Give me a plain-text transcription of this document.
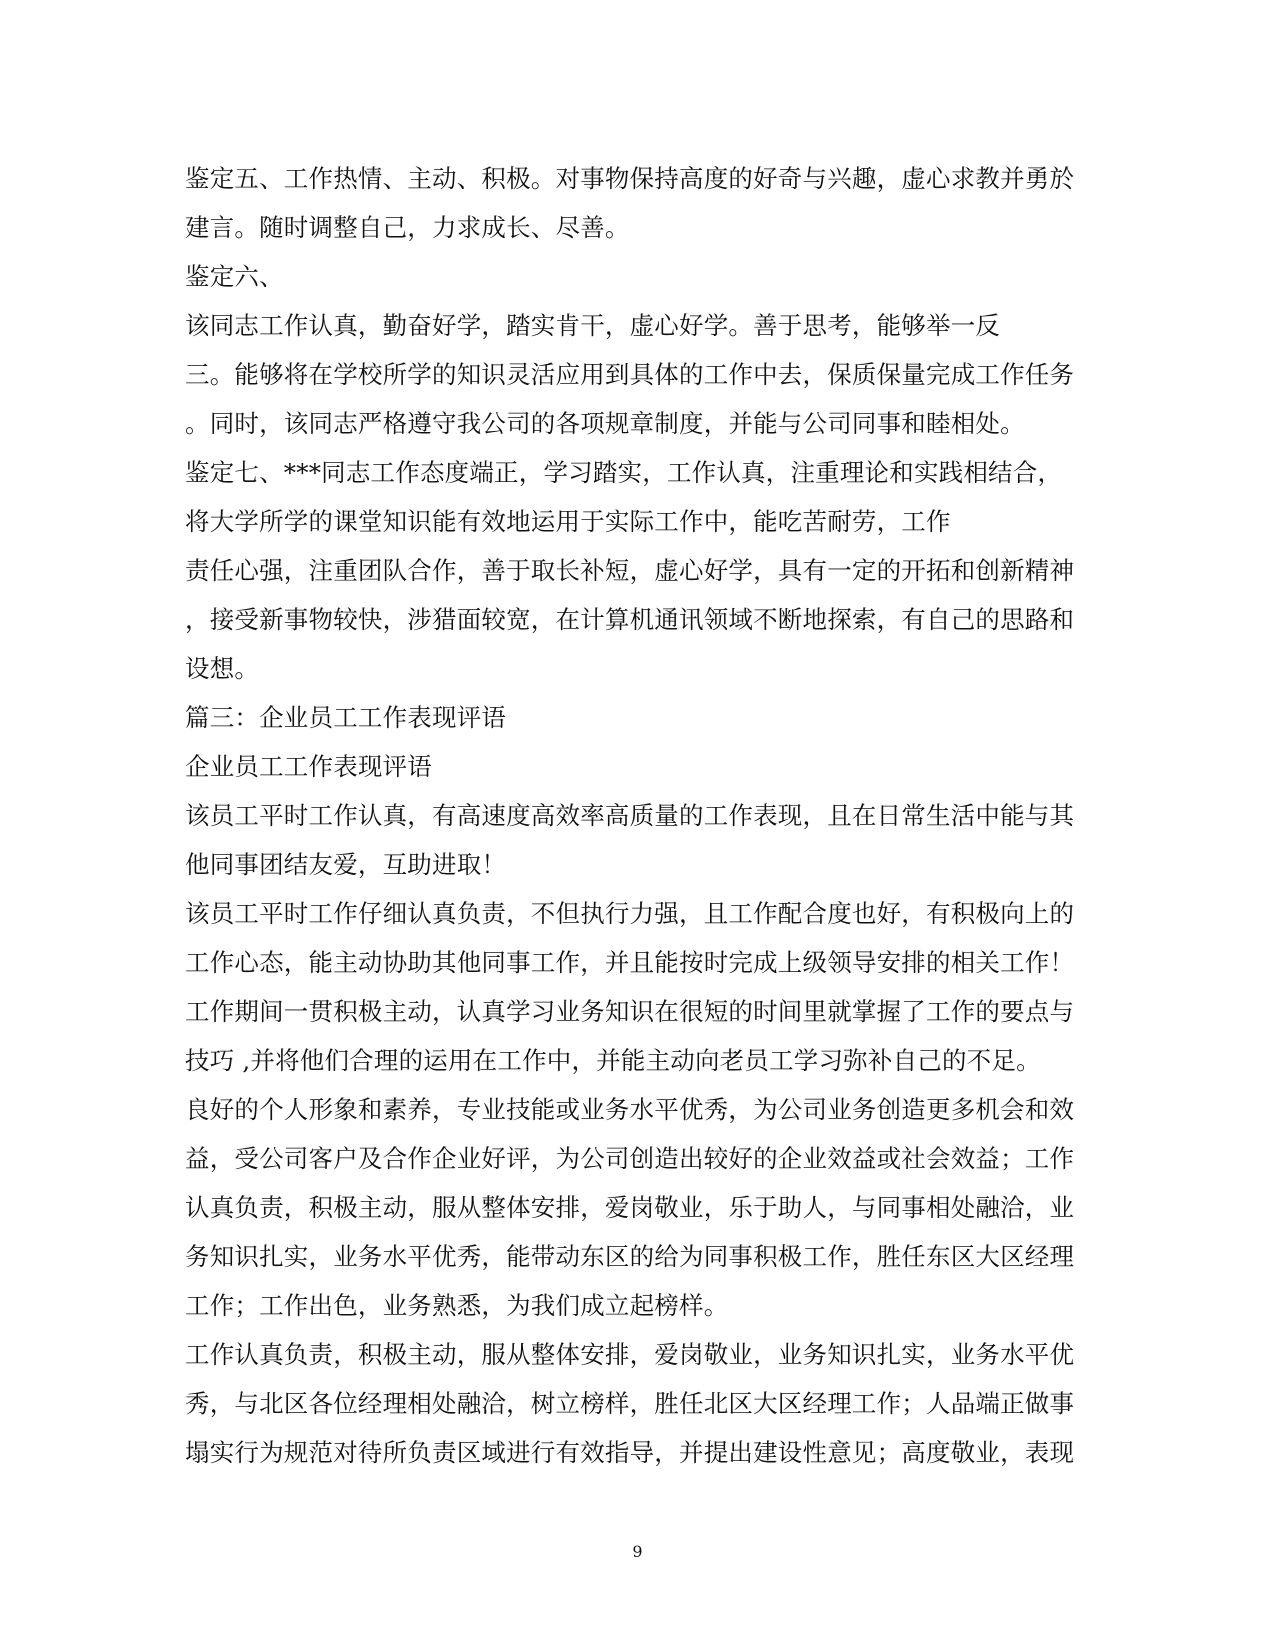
鉴定五、工作热情、主动、积极。对事物保持高度的好奇与兴趣，虚心求教并勇於
建言。随时调整自己，力求成长、尽善。
鉴定六、
该同志工作认真，勤奋好学，踏实肯干，虚心好学。善于思考，能够举一反
三。能够将在学校所学的知识灵活应用到具体的工作中去，保质保量完成工作任务
。同时，该同志严格遵守我公司的各项规章制度，并能与公司同事和睦相处。
鉴定七、***同志工作态度端正，学习踏实，工作认真，注重理论和实践相结合，
将大学所学的课堂知识能有效地运用于实际工作中，能吃苦耐劳，工作
责任心强，注重团队合作，善于取长补短，虚心好学，具有一定的开拓和创新精神
，接受新事物较快，涉猎面较宽，在计算机通讯领域不断地探索，有自己的思路和
设想。
篇三：企业员工工作表现评语
企业员工工作表现评语
该员工平时工作认真，有高速度高效率高质量的工作表现，且在日常生活中能与其
他同事团结友爱，互助进取！
该员工平时工作仔细认真负责，不但执行力强，且工作配合度也好，有积极向上的
工作心态，能主动协助其他同事工作，并且能按时完成上级领导安排的相关工作！
工作期间一贯积极主动，认真学习业务知识在很短的时间里就掌握了工作的要点与
技巧 ,并将他们合理的运用在工作中，并能主动向老员工学习弥补自己的不足。
良好的个人形象和素养，专业技能或业务水平优秀，为公司业务创造更多机会和效
益，受公司客户及合作企业好评，为公司创造出较好的企业效益或社会效益；工作
认真负责，积极主动，服从整体安排，爱岗敬业，乐于助人，与同事相处融洽，业
务知识扎实，业务水平优秀，能带动东区的给为同事积极工作，胜任东区大区经理
工作；工作出色，业务熟悉，为我们成立起榜样。
工作认真负责，积极主动，服从整体安排，爱岗敬业，业务知识扎实，业务水平优
秀，与北区各位经理相处融洽，树立榜样，胜任北区大区经理工作；人品端正做事
塌实行为规范对待所负责区域进行有效指导，并提出建设性意见；高度敬业，表现
9
